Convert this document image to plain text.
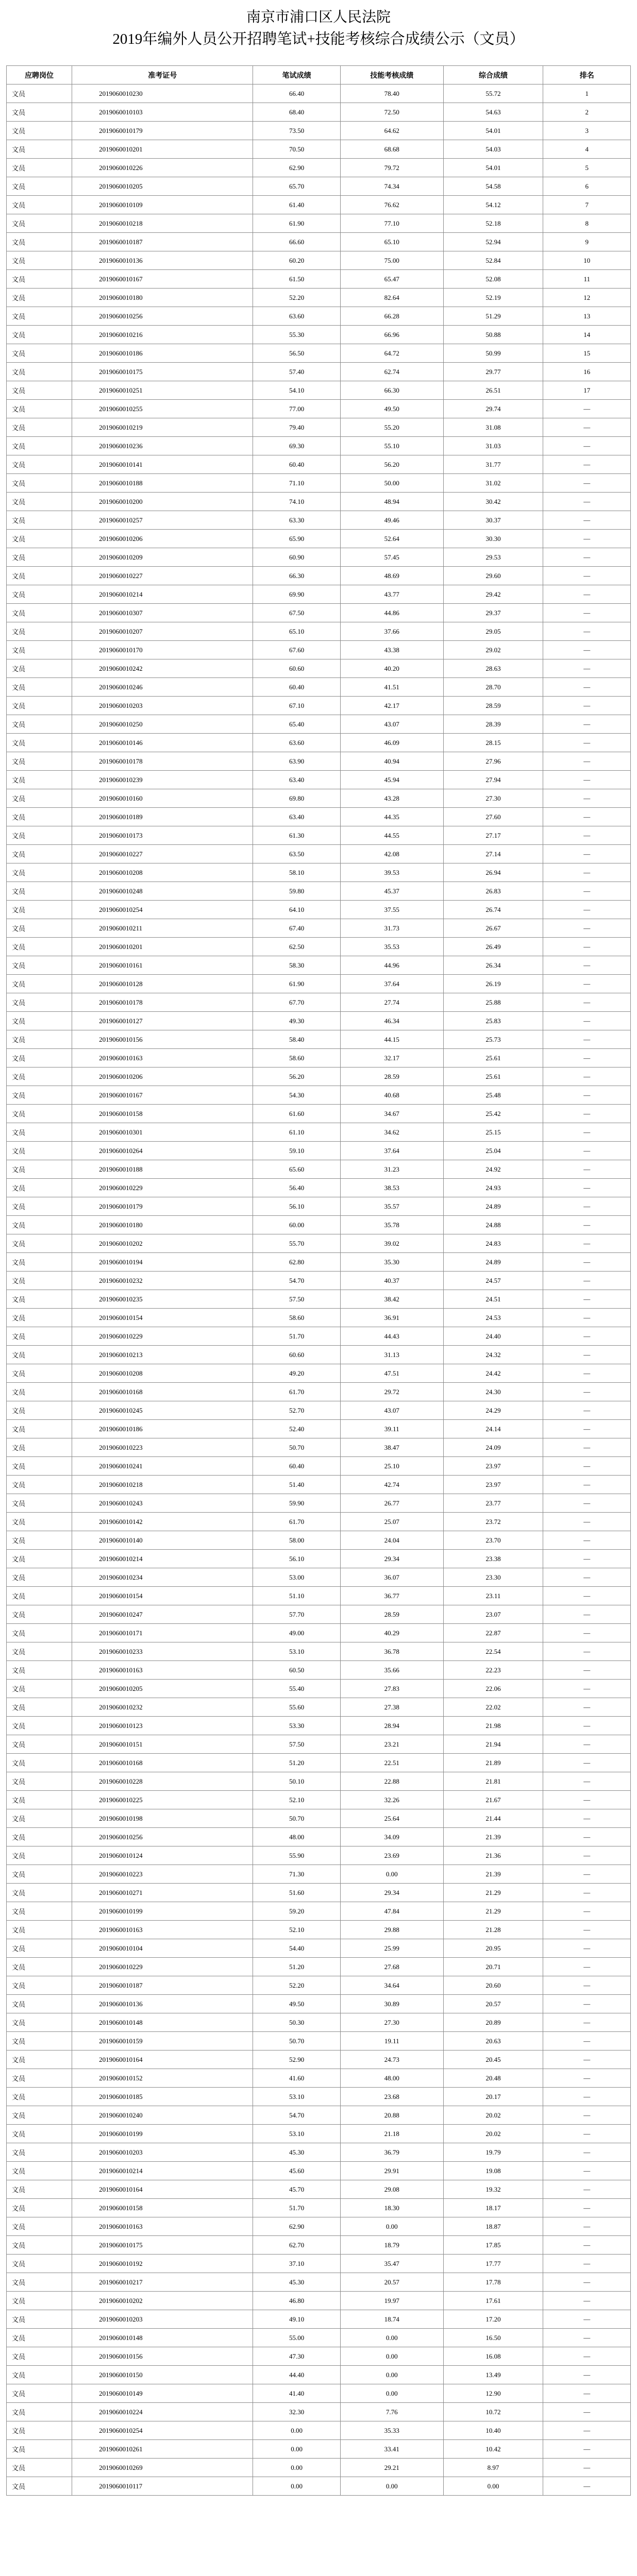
南京市浦口区人民法院
2019年编外人员公开招聘笔试+技能考核综合成绩公示（文员）
应聘岗位	准考证号	笔试成绩	技能考核成绩	综合成绩	排名
文员	2019060010230	66.40	78.40	55.72	1
文员	2019060010103	68.40	72.50	54.63	2
文员	2019060010179	73.50	64.62	54.01	3
文员	2019060010201	70.50	68.68	54.03	4
文员	2019060010226	62.90	79.72	54.01	5
文员	2019060010205	65.70	74.34	54.58	6
文员	2019060010109	61.40	76.62	54.12	7
文员	2019060010218	61.90	77.10	52.18	8
文员	2019060010187	66.60	65.10	52.94	9
文员	2019060010136	60.20	75.00	52.84	10
文员	2019060010167	61.50	65.47	52.08	11
文员	2019060010180	52.20	82.64	52.19	12
文员	2019060010256	63.60	66.28	51.29	13
文员	2019060010216	55.30	66.96	50.88	14
文员	2019060010186	56.50	64.72	50.99	15
文员	2019060010175	57.40	62.74	29.77	16
文员	2019060010251	54.10	66.30	26.51	17
文员	2019060010255	77.00	49.50	29.74	—
文员	2019060010219	79.40	55.20	31.08	—
文员	2019060010236	69.30	55.10	31.03	—
文员	2019060010141	60.40	56.20	31.77	—
文员	2019060010188	71.10	50.00	31.02	—
文员	2019060010200	74.10	48.94	30.42	—
文员	2019060010257	63.30	49.46	30.37	—
文员	2019060010206	65.90	52.64	30.30	—
文员	2019060010209	60.90	57.45	29.53	—
文员	2019060010227	66.30	48.69	29.60	—
文员	2019060010214	69.90	43.77	29.42	—
文员	2019060010307	67.50	44.86	29.37	—
文员	2019060010207	65.10	37.66	29.05	—
文员	2019060010170	67.60	43.38	29.02	—
文员	2019060010242	60.60	40.20	28.63	—
文员	2019060010246	60.40	41.51	28.70	—
文员	2019060010203	67.10	42.17	28.59	—
文员	2019060010250	65.40	43.07	28.39	—
文员	2019060010146	63.60	46.09	28.15	—
文员	2019060010178	63.90	40.94	27.96	—
文员	2019060010239	63.40	45.94	27.94	—
文员	2019060010160	69.80	43.28	27.30	—
文员	2019060010189	63.40	44.35	27.60	—
文员	2019060010173	61.30	44.55	27.17	—
文员	2019060010227	63.50	42.08	27.14	—
文员	2019060010208	58.10	39.53	26.94	—
文员	2019060010248	59.80	45.37	26.83	—
文员	2019060010254	64.10	37.55	26.74	—
文员	2019060010211	67.40	31.73	26.67	—
文员	2019060010201	62.50	35.53	26.49	—
文员	2019060010161	58.30	44.96	26.34	—
文员	2019060010128	61.90	37.64	26.19	—
文员	2019060010178	67.70	27.74	25.88	—
文员	2019060010127	49.30	46.34	25.83	—
文员	2019060010156	58.40	44.15	25.73	—
文员	2019060010163	58.60	32.17	25.61	—
文员	2019060010206	56.20	28.59	25.61	—
文员	2019060010167	54.30	40.68	25.48	—
文员	2019060010158	61.60	34.67	25.42	—
文员	2019060010301	61.10	34.62	25.15	—
文员	2019060010264	59.10	37.64	25.04	—
文员	2019060010188	65.60	31.23	24.92	—
文员	2019060010229	56.40	38.53	24.93	—
文员	2019060010179	56.10	35.57	24.89	—
文员	2019060010180	60.00	35.78	24.88	—
文员	2019060010202	55.70	39.02	24.83	—
文员	2019060010194	62.80	35.30	24.89	—
文员	2019060010232	54.70	40.37	24.57	—
文员	2019060010235	57.50	38.42	24.51	—
文员	2019060010154	58.60	36.91	24.53	—
文员	2019060010229	51.70	44.43	24.40	—
文员	2019060010213	60.60	31.13	24.32	—
文员	2019060010208	49.20	47.51	24.42	—
文员	2019060010168	61.70	29.72	24.30	—
文员	2019060010245	52.70	43.07	24.29	—
文员	2019060010186	52.40	39.11	24.14	—
文员	2019060010223	50.70	38.47	24.09	—
文员	2019060010241	60.40	25.10	23.97	—
文员	2019060010218	51.40	42.74	23.97	—
文员	2019060010243	59.90	26.77	23.77	—
文员	2019060010142	61.70	25.07	23.72	—
文员	2019060010140	58.00	24.04	23.70	—
文员	2019060010214	56.10	29.34	23.38	—
文员	2019060010234	53.00	36.07	23.30	—
文员	2019060010154	51.10	36.77	23.11	—
文员	2019060010247	57.70	28.59	23.07	—
文员	2019060010171	49.00	40.29	22.87	—
文员	2019060010233	53.10	36.78	22.54	—
文员	2019060010163	60.50	35.66	22.23	—
文员	2019060010205	55.40	27.83	22.06	—
文员	2019060010232	55.60	27.38	22.02	—
文员	2019060010123	53.30	28.94	21.98	—
文员	2019060010151	57.50	23.21	21.94	—
文员	2019060010168	51.20	22.51	21.89	—
文员	2019060010228	50.10	22.88	21.81	—
文员	2019060010225	52.10	32.26	21.67	—
文员	2019060010198	50.70	25.64	21.44	—
文员	2019060010256	48.00	34.09	21.39	—
文员	2019060010124	55.90	23.69	21.36	—
文员	2019060010223	71.30	0.00	21.39	—
文员	2019060010271	51.60	29.34	21.29	—
文员	2019060010199	59.20	47.84	21.29	—
文员	2019060010163	52.10	29.88	21.28	—
文员	2019060010104	54.40	25.99	20.95	—
文员	2019060010229	51.20	27.68	20.71	—
文员	2019060010187	52.20	34.64	20.60	—
文员	2019060010136	49.50	30.89	20.57	—
文员	2019060010148	50.30	27.30	20.89	—
文员	2019060010159	50.70	19.11	20.63	—
文员	2019060010164	52.90	24.73	20.45	—
文员	2019060010152	41.60	48.00	20.48	—
文员	2019060010185	53.10	23.68	20.17	—
文员	2019060010240	54.70	20.88	20.02	—
文员	2019060010199	53.10	21.18	20.02	—
文员	2019060010203	45.30	36.79	19.79	—
文员	2019060010214	45.60	29.91	19.08	—
文员	2019060010164	45.70	29.08	19.32	—
文员	2019060010158	51.70	18.30	18.17	—
文员	2019060010163	62.90	0.00	18.87	—
文员	2019060010175	62.70	18.79	17.85	—
文员	2019060010192	37.10	35.47	17.77	—
文员	2019060010217	45.30	20.57	17.78	—
文员	2019060010202	46.80	19.97	17.61	—
文员	2019060010203	49.10	18.74	17.20	—
文员	2019060010148	55.00	0.00	16.50	—
文员	2019060010156	47.30	0.00	16.08	—
文员	2019060010150	44.40	0.00	13.49	—
文员	2019060010149	41.40	0.00	12.90	—
文员	2019060010224	32.30	7.76	10.72	—
文员	2019060010254	0.00	35.33	10.40	—
文员	2019060010261	0.00	33.41	10.42	—
文员	2019060010269	0.00	29.21	8.97	—
文员	2019060010117	0.00	0.00	0.00	—
